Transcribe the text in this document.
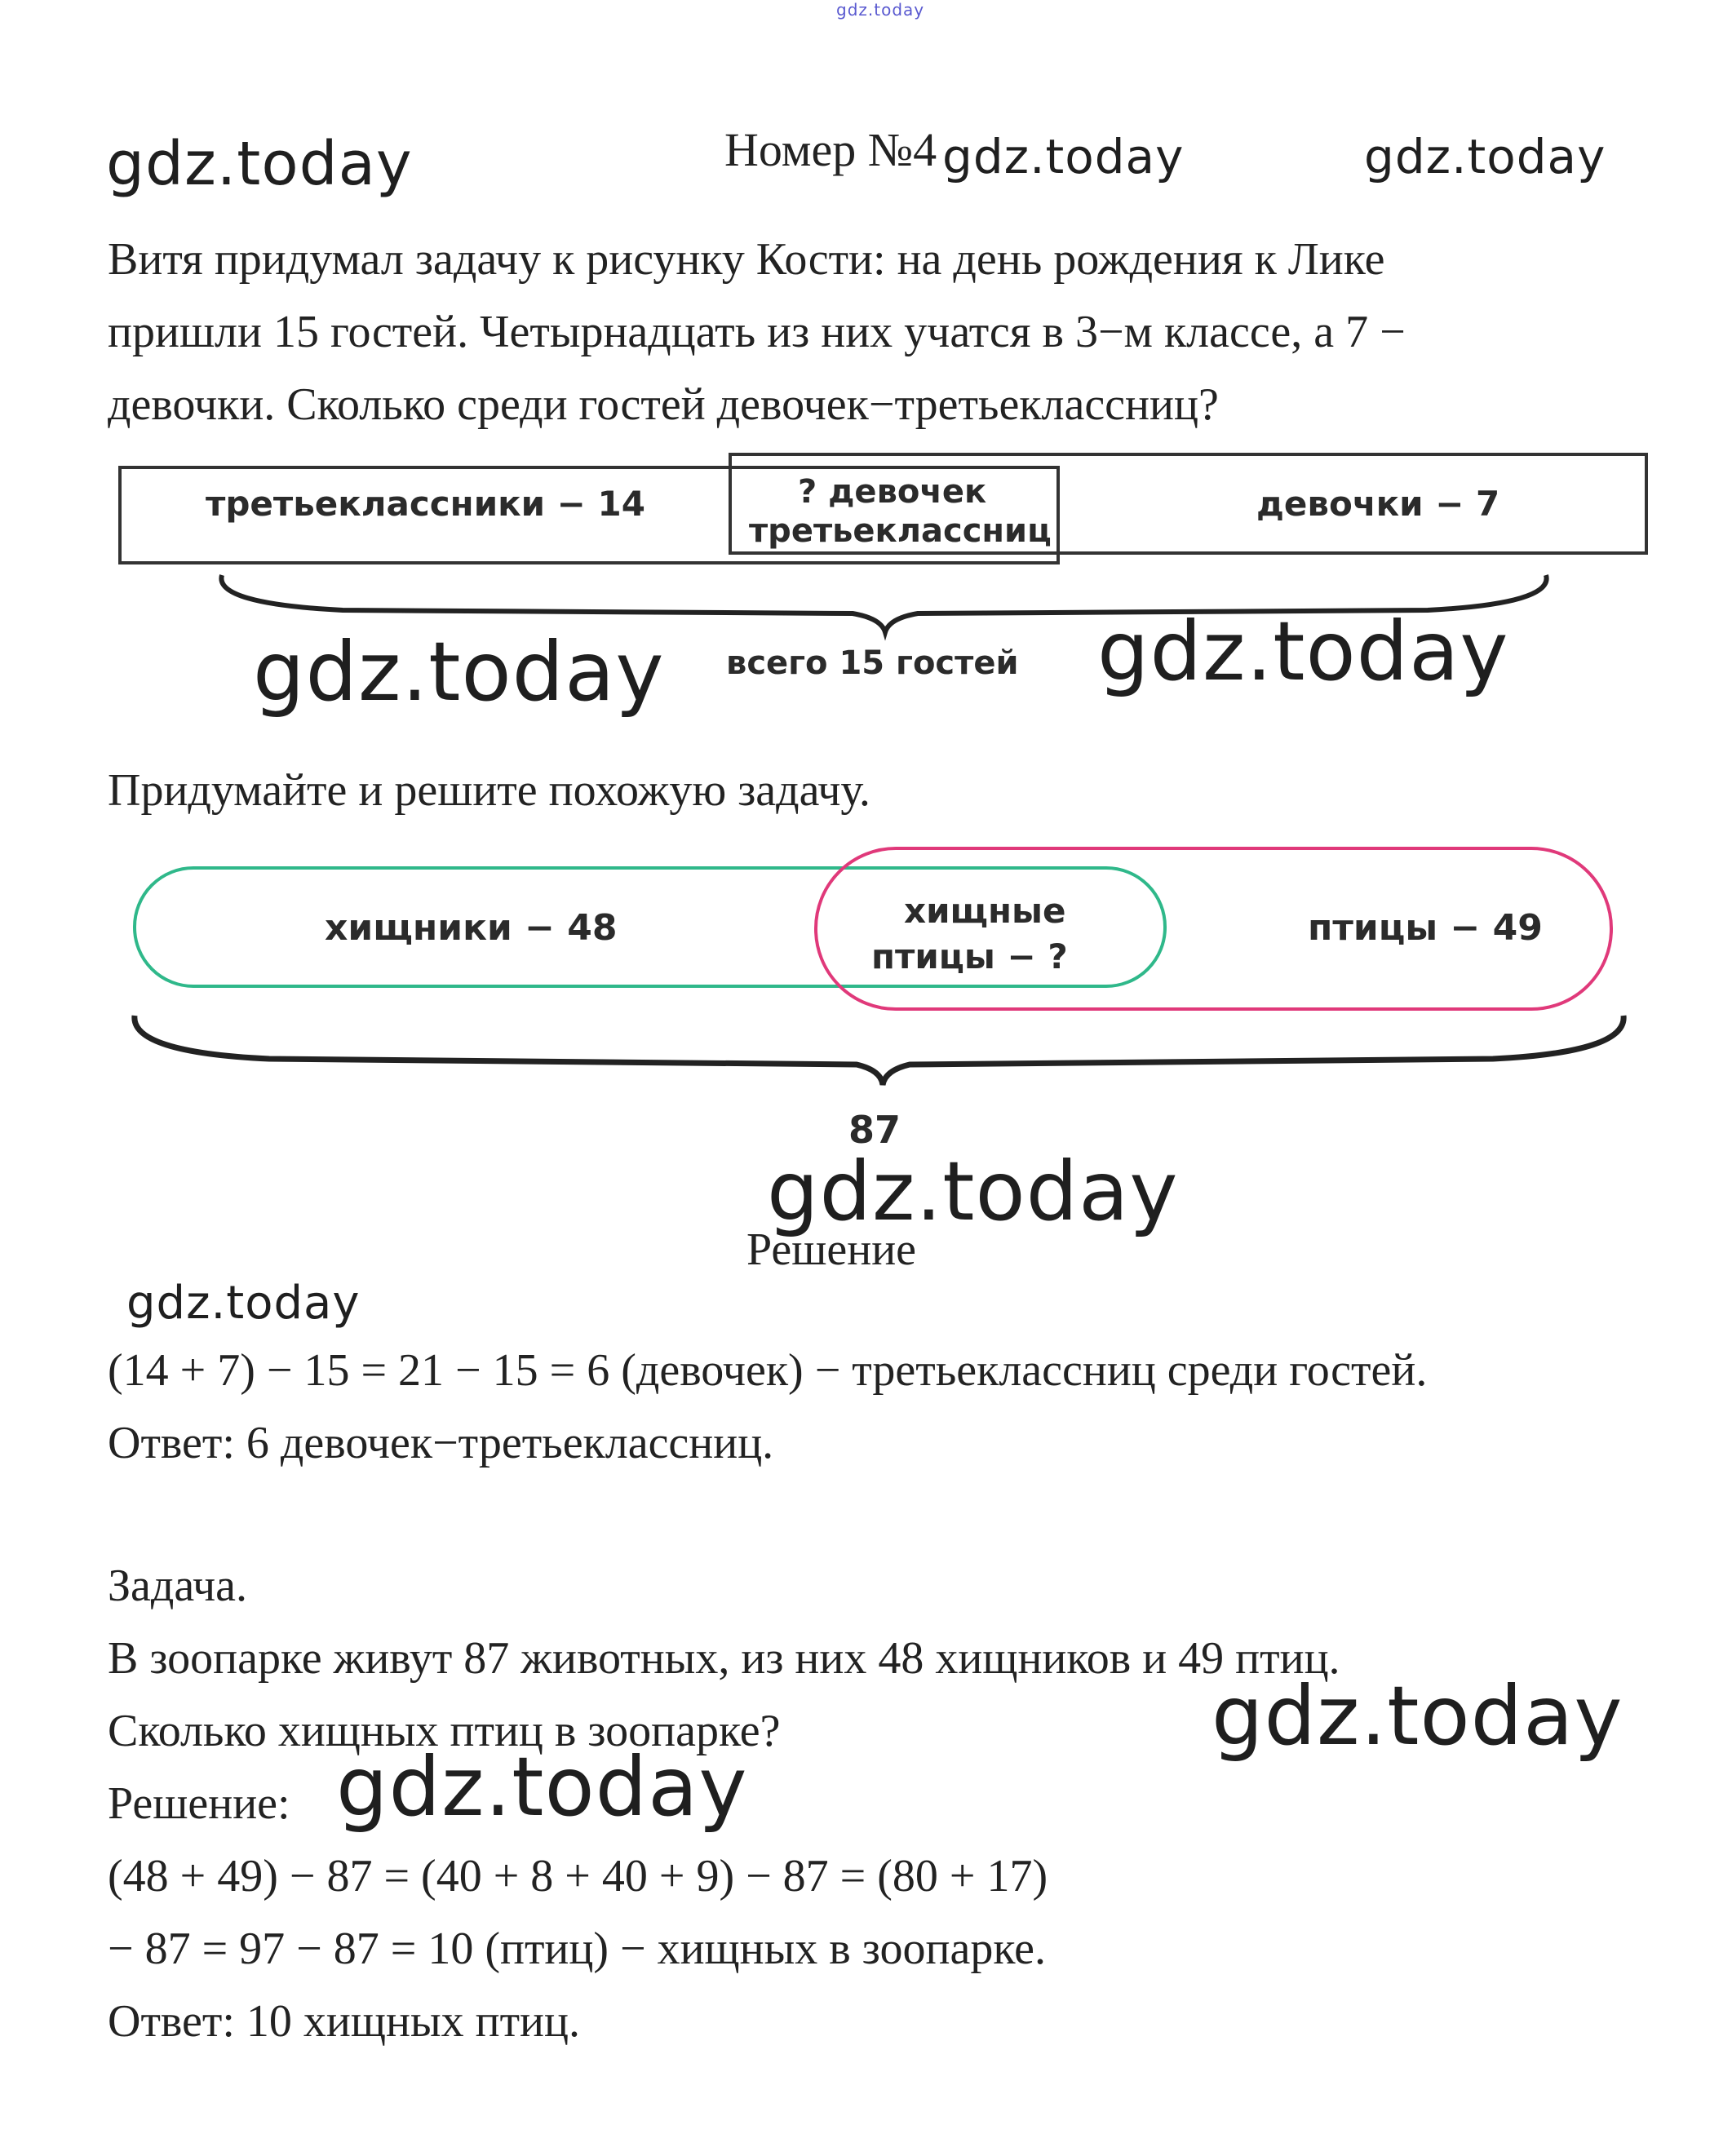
gdz.today
gdz.today	Номер №4 gdz.today	gdz.today
Витя придумал задачу к рисунку Кости: на день рождения к Лике
пришли 15 гостей. Четырнадцать из них учатся в 3−м классе, а 7 −
девочки. Сколько среди гостей девочек−третьеклассниц?
третьеклассники − 14	? девочек
третьеклассниц
девочки − 7
всего 15 гостей
gdz.today	gdz.today
Придумайте и решите похожую задачу.
хищники − 48	хищные
птицы − ?
птицы − 49
87
gdz.today
Решение
gdz.today
(14 + 7) − 15 = 21 − 15 = 6 (девочек) − третьеклассниц среди гостей.
Ответ: 6 девочек−третьеклассниц.
Задача.
В зоопарке живут 87 животных, из них 48 хищников и 49 птиц.
Сколько хищных птиц в зоопарке?	gdz.today
Решение: gdz.today
(48 + 49) − 87 = (40 + 8 + 40 + 9) − 87 = (80 + 17)
− 87 = 97 − 87 = 10 (птиц) − хищных в зоопарке.
Ответ: 10 хищных птиц.
